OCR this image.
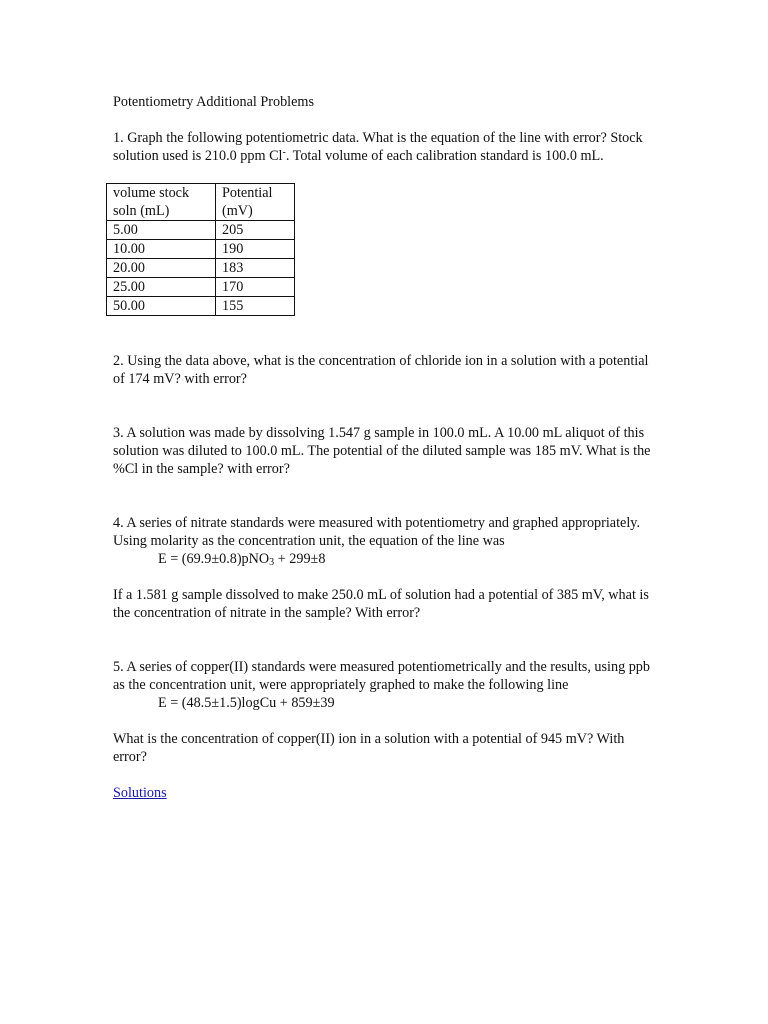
Potentiometry Additional Problems

1. Graph the following potentiometric data. What is the equation of the line with error? Stock solution used is 210.0 ppm Cl-. Total volume of each calibration standard is 100.0 mL.

volume stock soln (mL)	Potential (mV)
5.00	205
10.00	190
20.00	183
25.00	170
50.00	155

2. Using the data above, what is the concentration of chloride ion in a solution with a potential of 174 mV? with error?

3. A solution was made by dissolving 1.547 g sample in 100.0 mL. A 10.00 mL aliquot of this solution was diluted to 100.0 mL. The potential of the diluted sample was 185 mV. What is the %Cl in the sample? with error?

4. A series of nitrate standards were measured with potentiometry and graphed appropriately. Using molarity as the concentration unit, the equation of the line was

E = (69.9±0.8)pNO$_3$ + 299±8

If a 1.581 g sample dissolved to make 250.0 mL of solution had a potential of 385 mV, what is the concentration of nitrate in the sample? With error?

5. A series of copper(II) standards were measured potentiometrically and the results, using ppb as the concentration unit, were appropriately graphed to make the following line

E = (48.5±1.5)logCu + 859±39

What is the concentration of copper(II) ion in a solution with a potential of 945 mV? With error?

Solutions
